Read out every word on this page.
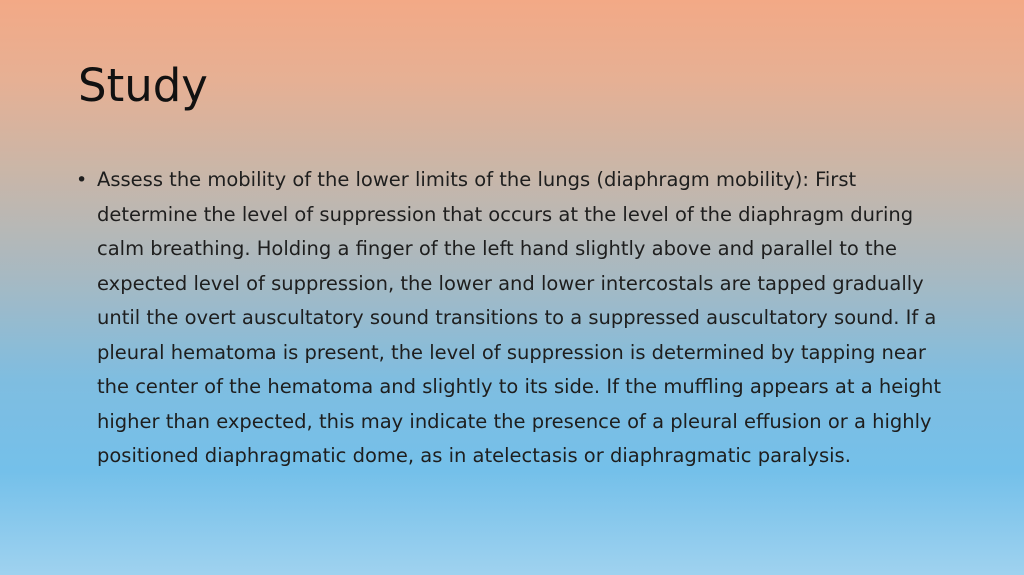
Study
• Assess the mobility of the lower limits of the lungs (diaphragm mobility): First determine the level of suppression that occurs at the level of the diaphragm during calm breathing. Holding a finger of the left hand slightly above and parallel to the expected level of suppression, the lower and lower intercostals are tapped gradually until the overt auscultatory sound transitions to a suppressed auscultatory sound. If a pleural hematoma is present, the level of suppression is determined by tapping near the center of the hematoma and slightly to its side. If the muffling appears at a height higher than expected, this may indicate the presence of a pleural effusion or a highly positioned diaphragmatic dome, as in atelectasis or diaphragmatic paralysis.
